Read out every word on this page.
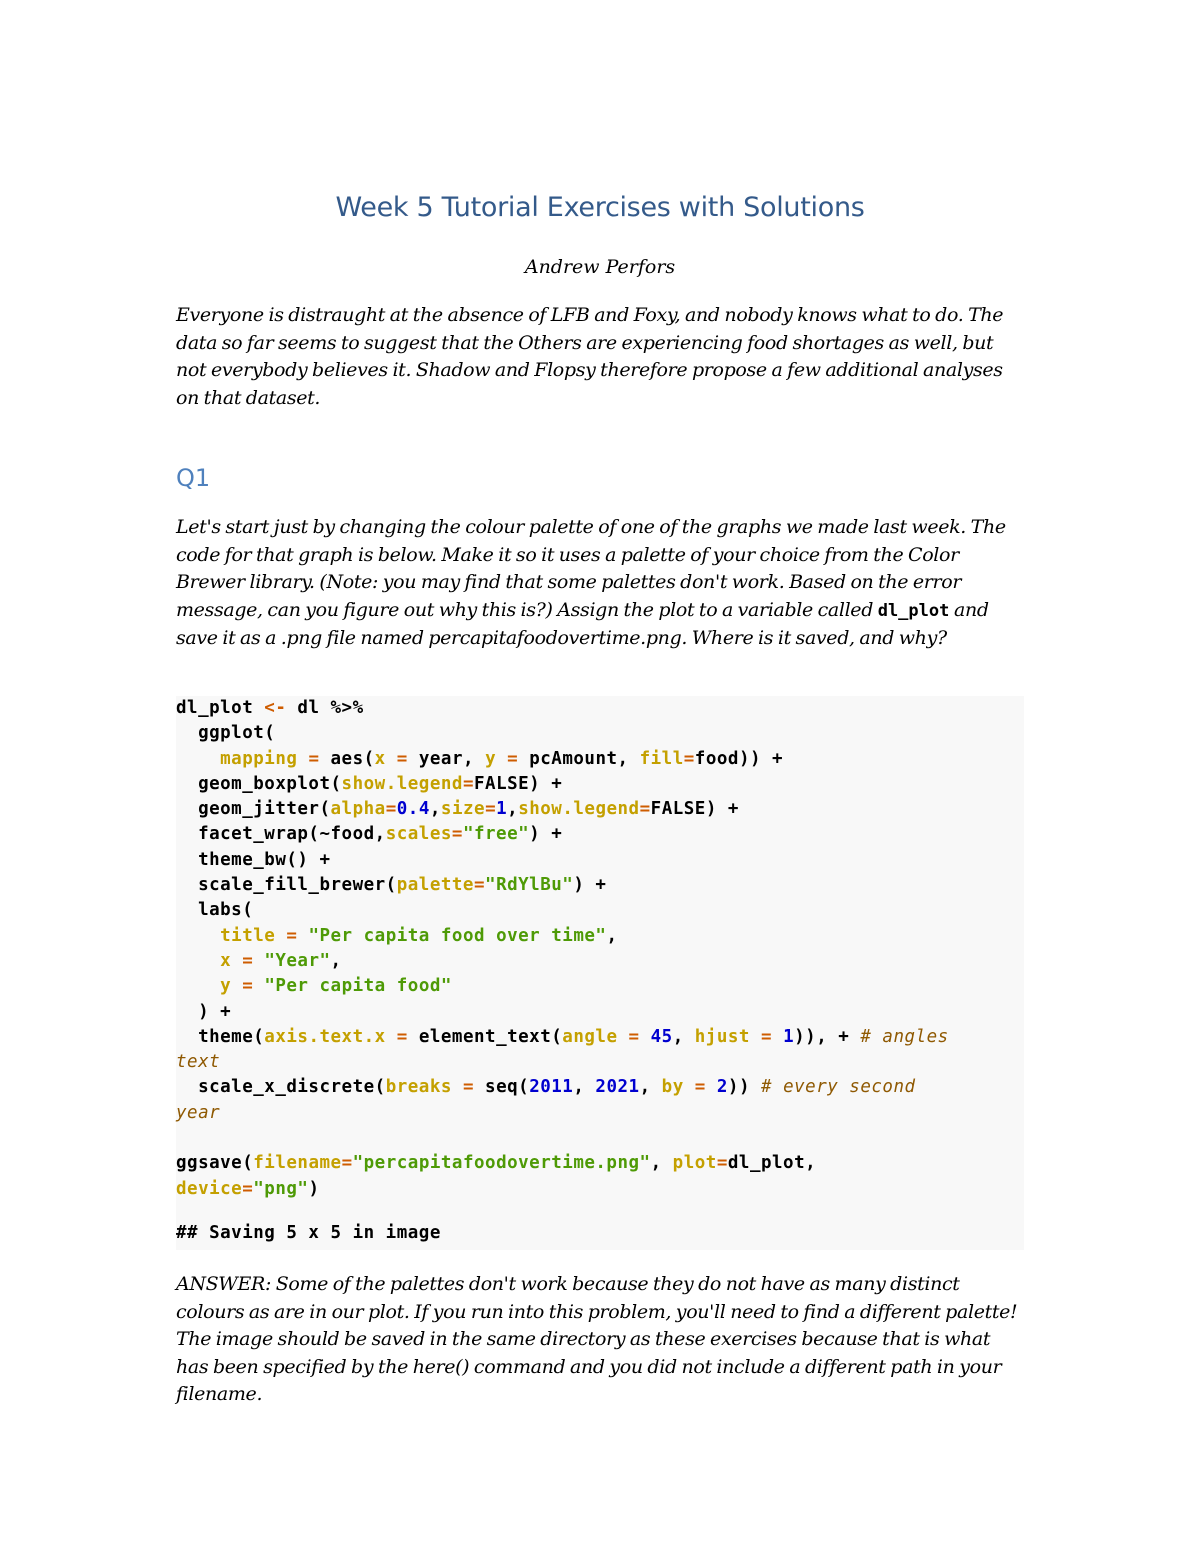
Week 5 Tutorial Exercises with Solutions

Andrew Perfors

Everyone is distraught at the absence of LFB and Foxy, and nobody knows what to do. The data so far seems to suggest that the Others are experiencing food shortages as well, but not everybody believes it. Shadow and Flopsy therefore propose a few additional analyses on that dataset.

Q1

Let's start just by changing the colour palette of one of the graphs we made last week. The code for that graph is below. Make it so it uses a palette of your choice from the Color Brewer library. (Note: you may find that some palettes don't work. Based on the error message, can you figure out why this is?) Assign the plot to a variable called dl_plot and save it as a .png file named percapitafoodovertime.png. Where is it saved, and why?

dl_plot <- dl %>%
ggplot(
mapping = aes(x = year, y = pcAmount, fill=food)) +
geom_boxplot(show.legend=FALSE) +
geom_jitter(alpha=0.4,size=1,show.legend=FALSE) +
facet_wrap(~food,scales="free") +
theme_bw() +
scale_fill_brewer(palette="RdYlBu") +
labs(
title = "Per capita food over time",
x = "Year",
y = "Per capita food"
) +
theme(axis.text.x = element_text(angle = 45, hjust = 1)), + # angles
text
scale_x_discrete(breaks = seq(2011, 2021, by = 2)) # every second
year

ggsave(filename="percapitafoodovertime.png", plot=dl_plot,
device="png")

## Saving 5 x 5 in image

ANSWER: Some of the palettes don't work because they do not have as many distinct colours as are in our plot. If you run into this problem, you'll need to find a different palette! The image should be saved in the same directory as these exercises because that is what has been specified by the here() command and you did not include a different path in your filename.
